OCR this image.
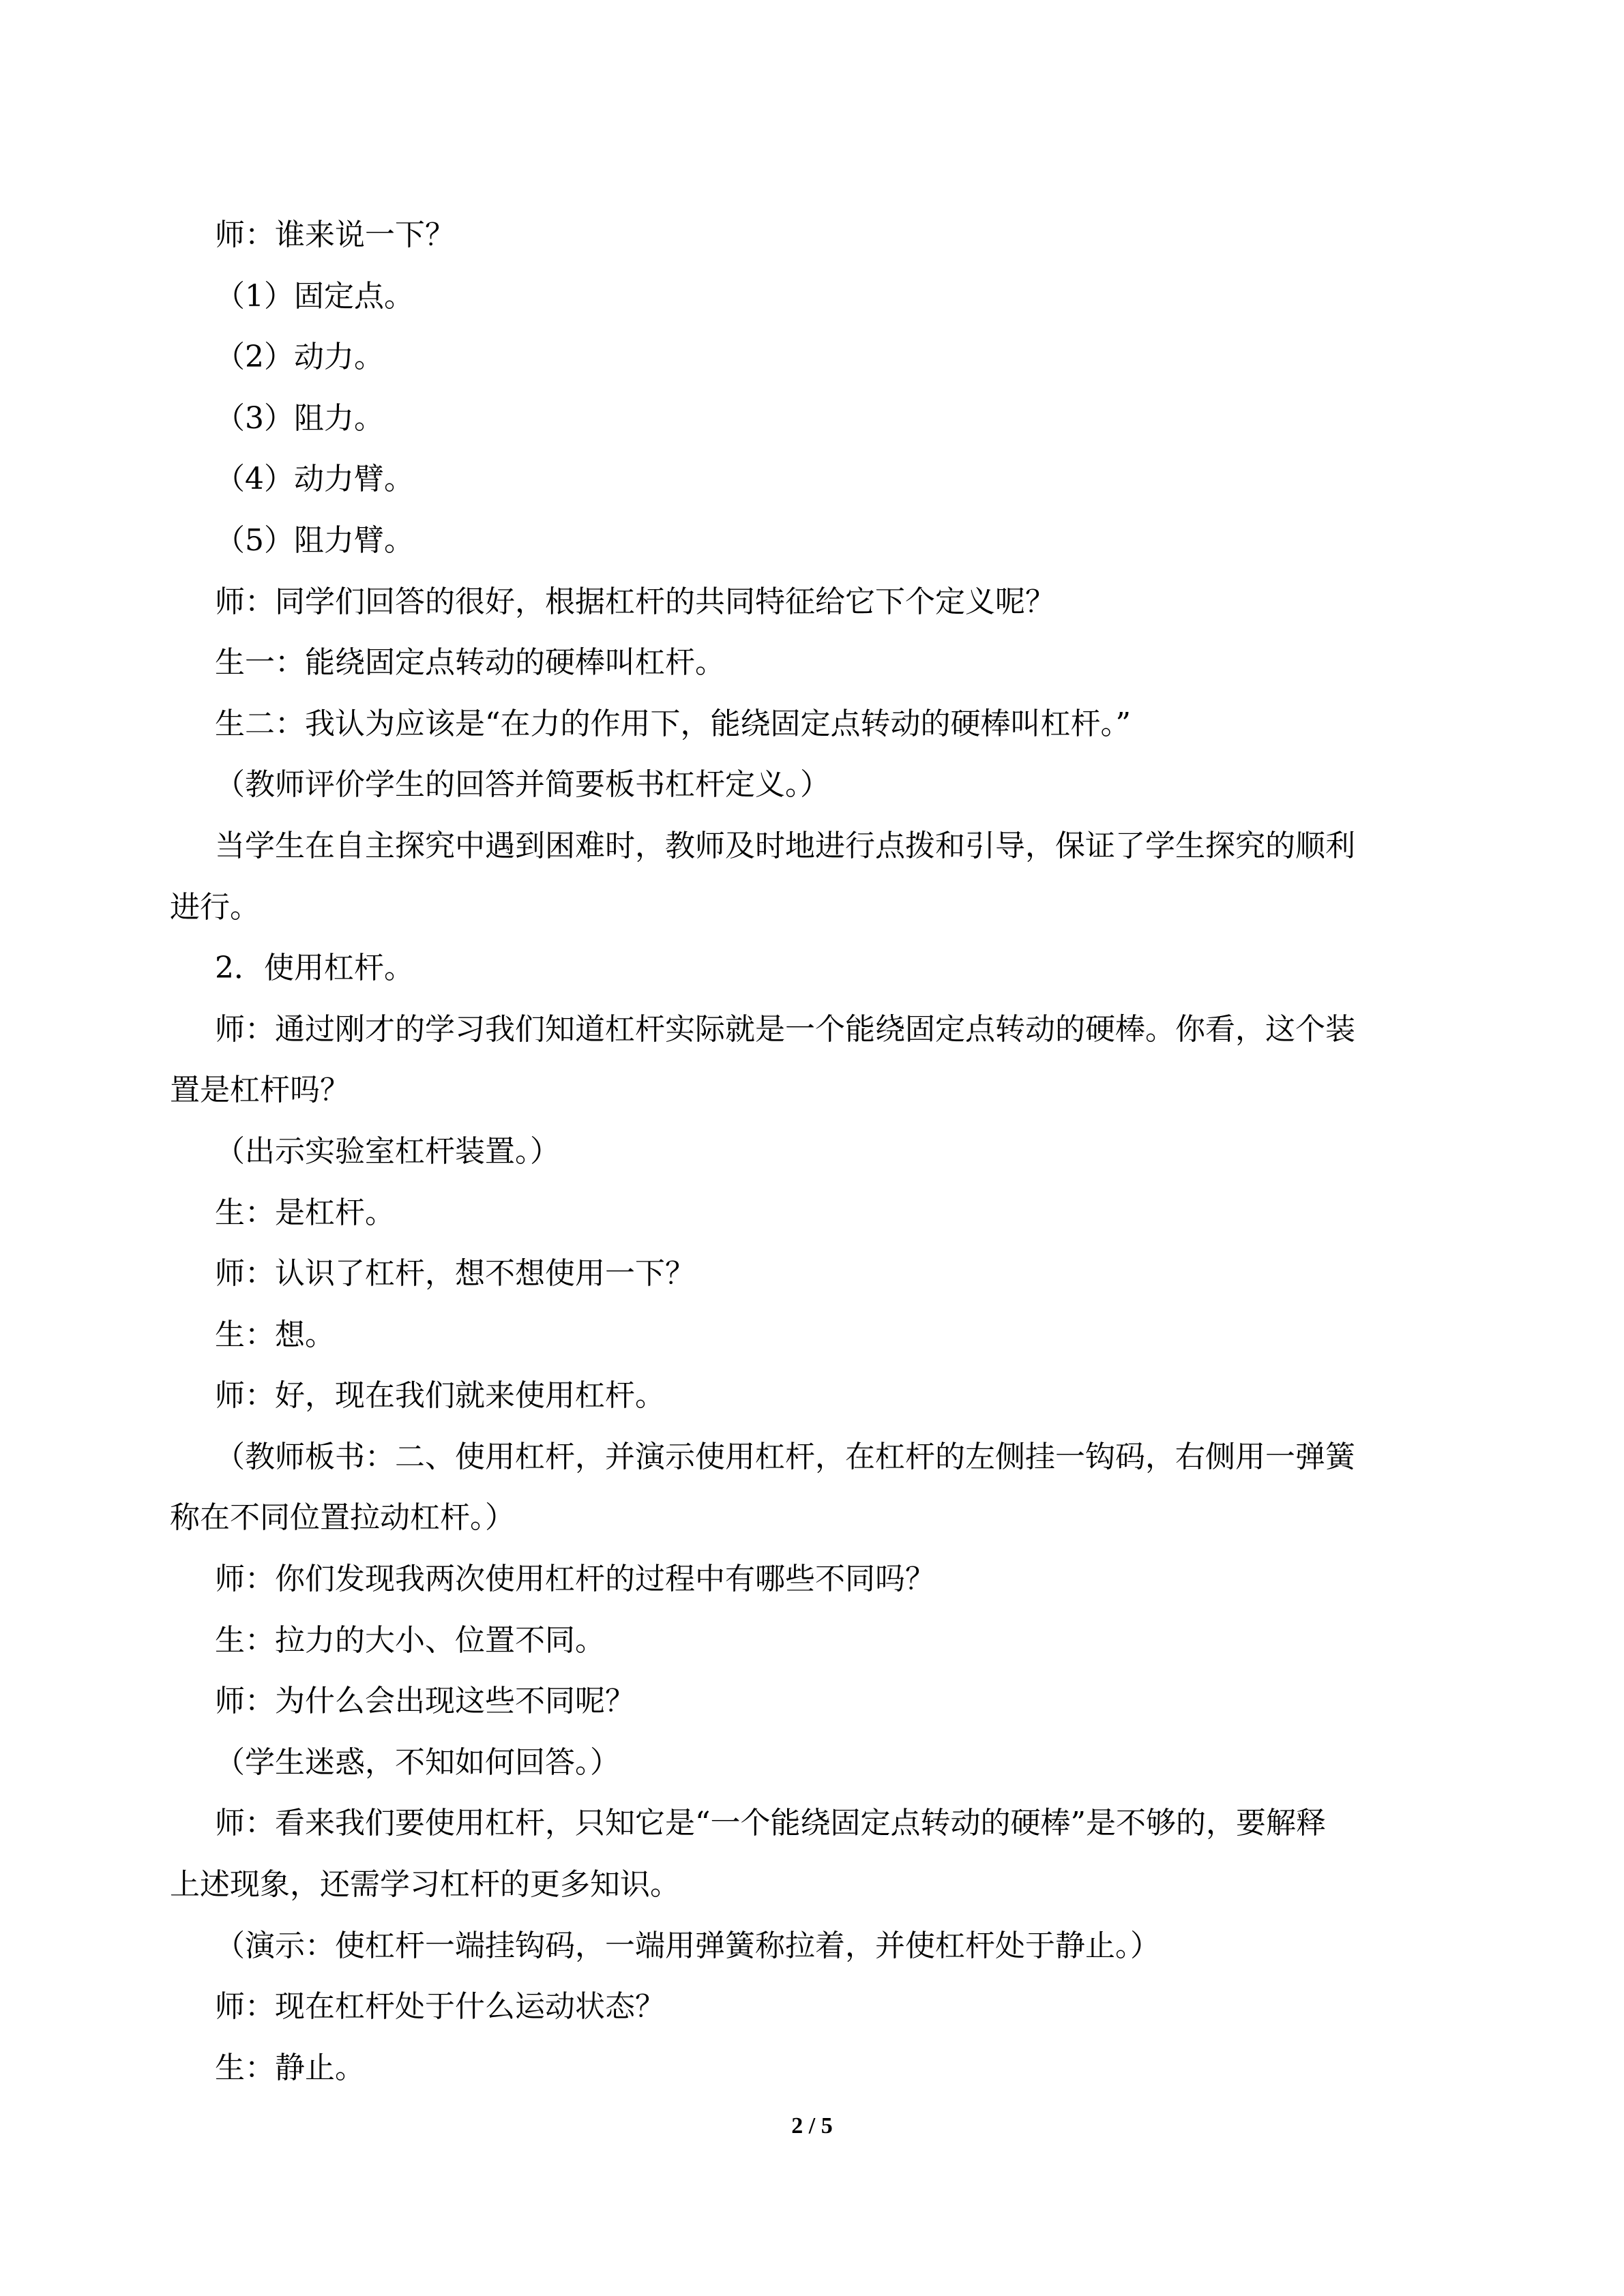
师：谁来说一下？

（1）固定点。

（2）动力。

（3）阻力。

（4）动力臂。

（5）阻力臂。

师：同学们回答的很好，根据杠杆的共同特征给它下个定义呢？

生一：能绕固定点转动的硬棒叫杠杆。

生二：我认为应该是“在力的作用下，能绕固定点转动的硬棒叫杠杆。”

（教师评价学生的回答并简要板书杠杆定义。）

当学生在自主探究中遇到困难时，教师及时地进行点拨和引导，保证了学生探究的顺利

进行。

2．使用杠杆。

师：通过刚才的学习我们知道杠杆实际就是一个能绕固定点转动的硬棒。你看，这个装

置是杠杆吗？

（出示实验室杠杆装置。）

生：是杠杆。

师：认识了杠杆，想不想使用一下？

生：想。

师：好，现在我们就来使用杠杆。

（教师板书：二、使用杠杆，并演示使用杠杆，在杠杆的左侧挂一钩码，右侧用一弹簧

称在不同位置拉动杠杆。）

师：你们发现我两次使用杠杆的过程中有哪些不同吗？

生：拉力的大小、位置不同。

师：为什么会出现这些不同呢？

（学生迷惑，不知如何回答。）

师：看来我们要使用杠杆，只知它是“一个能绕固定点转动的硬棒”是不够的，要解释

上述现象，还需学习杠杆的更多知识。

（演示：使杠杆一端挂钩码，一端用弹簧称拉着，并使杠杆处于静止。）

师：现在杠杆处于什么运动状态？

生：静止。

2 / 5
